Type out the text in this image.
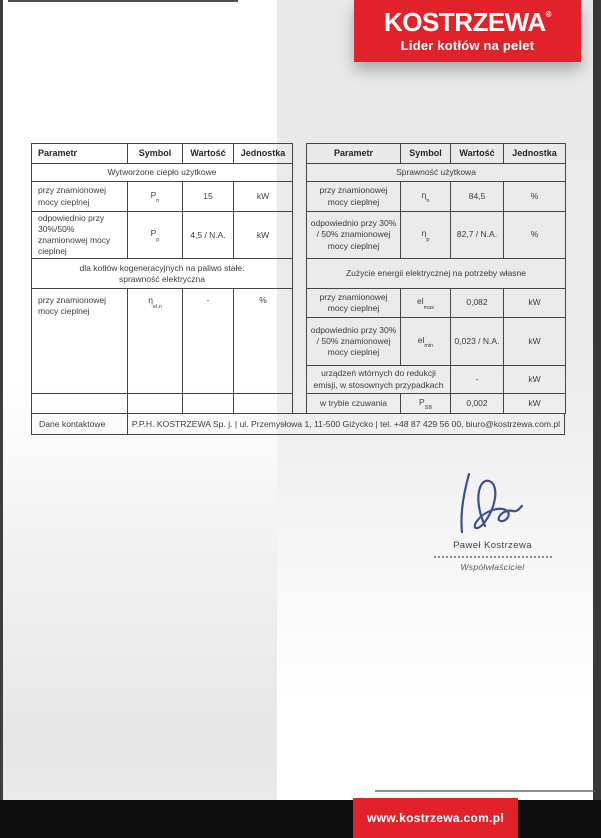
KOSTRZEWA®
Lider kotłów na pelet
Parametr	Symbol	Wartość	Jednostka
Wytworzone ciepło użytkowe			
przy znamionowej mocy cieplnej	$P_n$	15	kW
odpowiednio przy 30%/50% znamionowej mocy cieplnej	$P_p$	4,5 / N.A.	kW

dla kotłów kogeneracyjnych na paliwo stałe:
sprawność elektryczna			

przy znamionowej mocy cieplnej	$\eta_{el,n}$	-	%

Parametr	Symbol	Wartość	Jednostka
Sprawność użytkowa			
przy znamionowej mocy cieplnej	$\eta_n$	84,5	%
odpowiednio przy 30% / 50% znamionowej mocy cieplnej	$\eta_p$	82,7 / N.A.	%
Zużycie energii elektrycznej na potrzeby własne			
przy znamionowej mocy cieplnej	$el_{max}$	0,082	kW
odpowiednio przy 30% / 50% znamionowej mocy cieplnej	$el_{min}$	0,023 / N.A.	kW
urządzeń wtórnych do redukcji emisji, w stosownych przypadkach		-	kW
w trybie czuwania	$P_{SB}$	0,002	kW
Dane kontaktowe	P.P.H. KOSTRZEWA Sp. j. | ul. Przemysłowa 1, 11-500 Giżycko | tel. +48 87 429 56 00, biuro@kostrzewa.com.pl
Paweł Kostrzewa
Współwłaściciel
www.kostrzewa.com.pl
